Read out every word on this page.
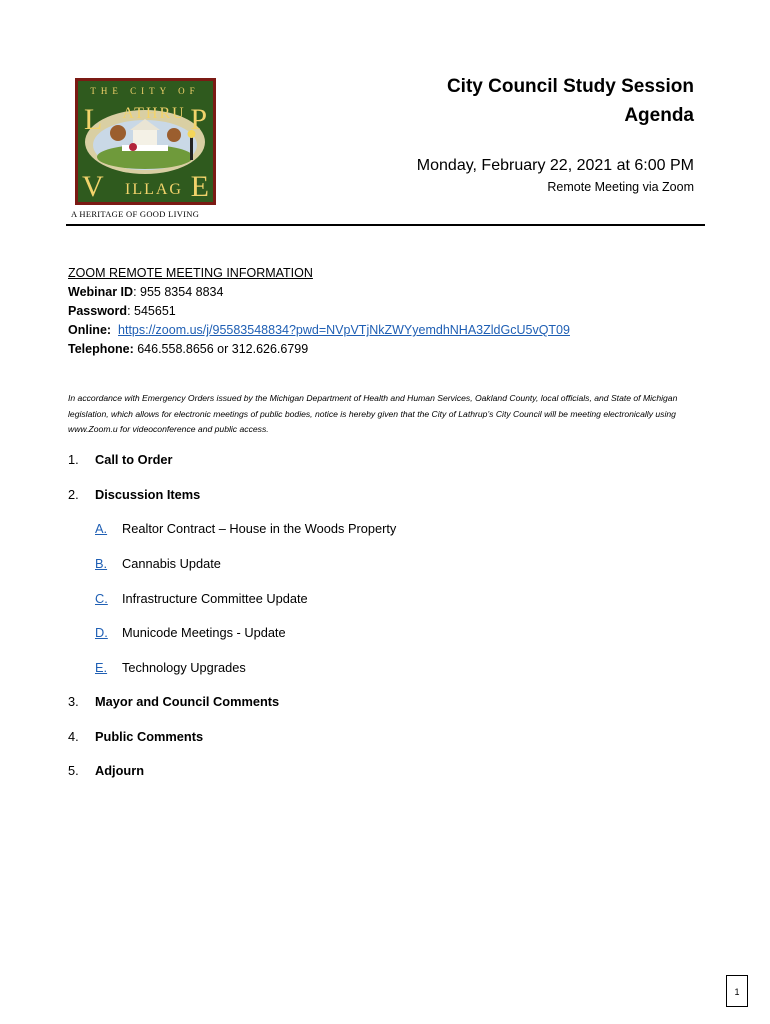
THE CITY OF
L ATHRU P
V ILLAG E
A HERITAGE OF GOOD LIVING
City Council Study Session
Agenda
Monday, February 22, 2021 at 6:00 PM
Remote Meeting via Zoom
ZOOM REMOTE MEETING INFORMATION
Webinar ID: 955 8354 8834
Password: 545651
Online: https://zoom.us/j/95583548834?pwd=NVpVTjNkZWYyemdhNHA3ZldGcU5vQT09
Telephone: 646.558.8656 or 312.626.6799
In accordance with Emergency Orders issued by the Michigan Department of Health and Human Services, Oakland County, local officials, and State of Michigan legislation, which allows for electronic meetings of public bodies, notice is hereby given that the City of Lathrup’s City Council will be meeting electronically using www.Zoom.u for videoconference and public access.
1. Call to Order
2. Discussion Items
A. Realtor Contract – House in the Woods Property
B. Cannabis Update
C. Infrastructure Committee Update
D. Municode Meetings - Update
E. Technology Upgrades
3. Mayor and Council Comments
4. Public Comments
5. Adjourn
1
